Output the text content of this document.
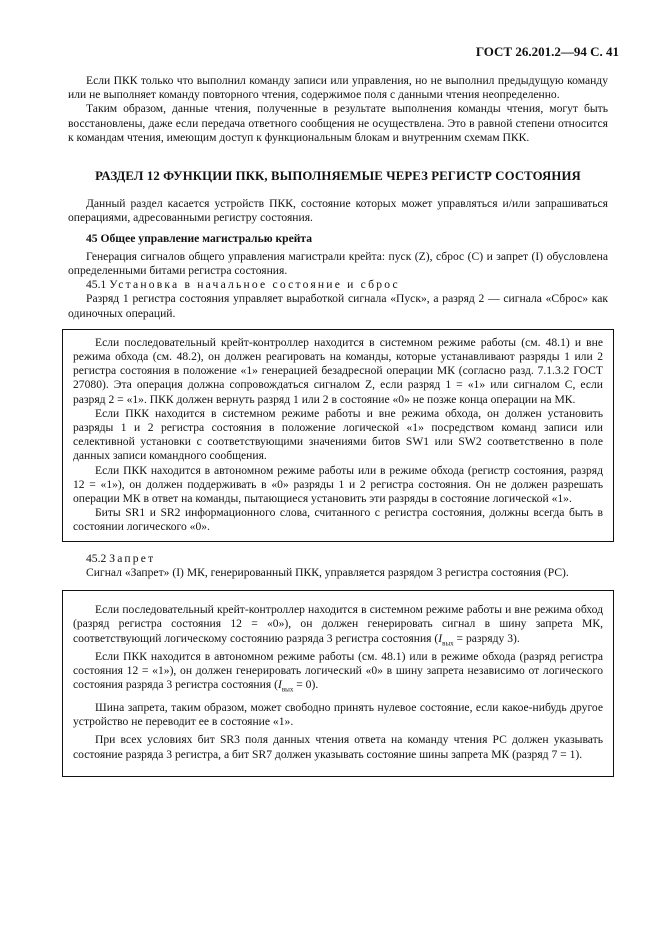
ГОСТ 26.201.2—94 С. 41

Если ПКК только что выполнил команду записи или управления, но не выполнил предыдущую команду или не выполняет команду повторного чтения, содержимое поля с данными чтения неопределенно.

Таким образом, данные чтения, полученные в результате выполнения команды чтения, могут быть восстановлены, даже если передача ответного сообщения не осуществлена. Это в равной степени относится к командам чтения, имеющим доступ к функциональным блокам и внутренним схемам ПКК.

РАЗДЕЛ 12 ФУНКЦИИ ПКК, ВЫПОЛНЯЕМЫЕ ЧЕРЕЗ РЕГИСТР СОСТОЯНИЯ

Данный раздел касается устройств ПКК, состояние которых может управляться и/или запрашиваться операциями, адресованными регистру состояния.

45 Общее управление магистралью крейта

Генерация сигналов общего управления магистрали крейта: пуск (Z), сброс (С) и запрет (I) обусловлена определенными битами регистра состояния.

45.1 Установка в начальное состояние и сброс

Разряд 1 регистра состояния управляет выработкой сигнала «Пуск», а разряд 2 — сигнала «Сброс» как одиночных операций.

Если последовательный крейт-контроллер находится в системном режиме работы (см. 48.1) и вне режима обхода (см. 48.2), он должен реагировать на команды, которые устанавливают разряды 1 или 2 регистра состояния в положение «1» генерацией безадресной операции МК (согласно разд. 7.1.3.2 ГОСТ 27080). Эта операция должна сопровождаться сигналом Z, если разряд 1 = «1» или сигналом С, если разряд 2 = «1». ПКК должен вернуть разряд 1 или 2 в состояние «0» не позже конца операции на МК.

Если ПКК находится в системном режиме работы и вне режима обхода, он должен установить разряды 1 и 2 регистра состояния в положение логической «1» посредством команд записи или селективной установки с соответствующими значениями битов SW1 или SW2 соответственно в поле данных записи командного сообщения.

Если ПКК находится в автономном режиме работы или в режиме обхода (регистр состояния, разряд 12 = «1»), он должен поддерживать в «0» разряды 1 и 2 регистра состояния. Он не должен разрешать операции МК в ответ на команды, пытающиеся установить эти разряды в состояние логической «1».

Биты SR1 и SR2 информационного слова, считанного с регистра состояния, должны всегда быть в состоянии логического «0».

45.2 Запрет

Сигнал «Запрет» (I) МК, генерированный ПКК, управляется разрядом 3 регистра состояния (РС).

Если последовательный крейт-контроллер находится в системном режиме работы и вне режима обход (разряд регистра состояния 12 = «0»), он должен генерировать сигнал в шину запрета МК, соответствующий логическому состоянию разряда 3 регистра состояния ($I_{вых}$ = разряду 3).

Если ПКК находится в автономном режиме работы (см. 48.1) или в режиме обхода (разряд регистра состояния 12 = «1»), он должен генерировать логический «0» в шину запрета независимо от логического состояния разряда 3 регистра состояния $(I_{вых} = 0)$.

Шина запрета, таким образом, может свободно принять нулевое состояние, если какое-нибудь другое устройство не переводит ее в состояние «1».

При всех условиях бит SR3 поля данных чтения ответа на команду чтения РС должен указывать состояние разряда 3 регистра, а бит SR7 должен указывать состояние шины запрета МК (разряд 7 = 1).
